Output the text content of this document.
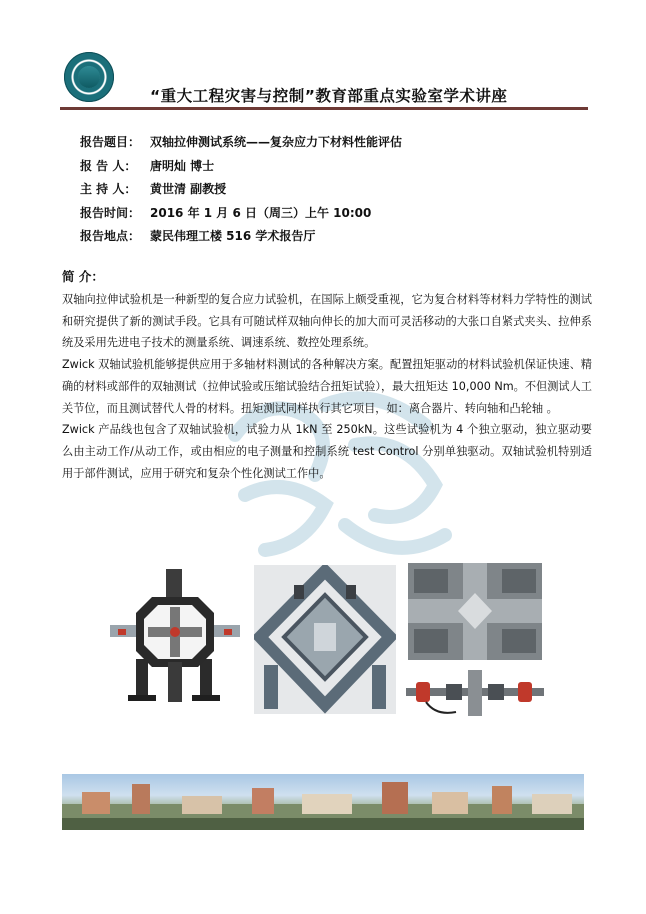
“重大工程灾害与控制”教育部重点实验室学术讲座
报告题目： 双轴拉伸测试系统——复杂应力下材料性能评估
报 告 人：	唐明灿 博士
主 持 人：	黄世清 副教授
报告时间： 2016 年 1 月 6 日（周三）上午 10:00
报告地点： 蒙民伟理工楼 516 学术报告厅
简 介：

双轴向拉伸试验机是一种新型的复合应力试验机，在国际上颇受重视，它为复合材料等材料力学特性的测试和研究提供了新的测试手段。它具有可随试样双轴向伸长的加大而可灵活移动的大张口自紧式夹头、拉伸系统及采用先进电子技术的测量系统、调速系统、数控处理系统。

Zwick 双轴试验机能够提供应用于多轴材料测试的各种解决方案。配置扭矩驱动的材料试验机保证快速、精确的材料或部件的双轴测试（拉伸试验或压缩试验结合扭矩试验），最大扭矩达 10,000 Nm。不但测试人工关节位，而且测试替代人骨的材料。扭矩测试同样执行其它项目，如：离合器片、转向轴和凸轮轴 。

Zwick 产品线也包含了双轴试验机，试验力从 1kN 至 250kN。这些试验机为 4 个独立驱动，独立驱动要么由主动工作/从动工作，或由相应的电子测量和控制系统 test Control 分别单独驱动。双轴试验机特别适用于部件测试，应用于研究和复杂个性化测试工作中。
